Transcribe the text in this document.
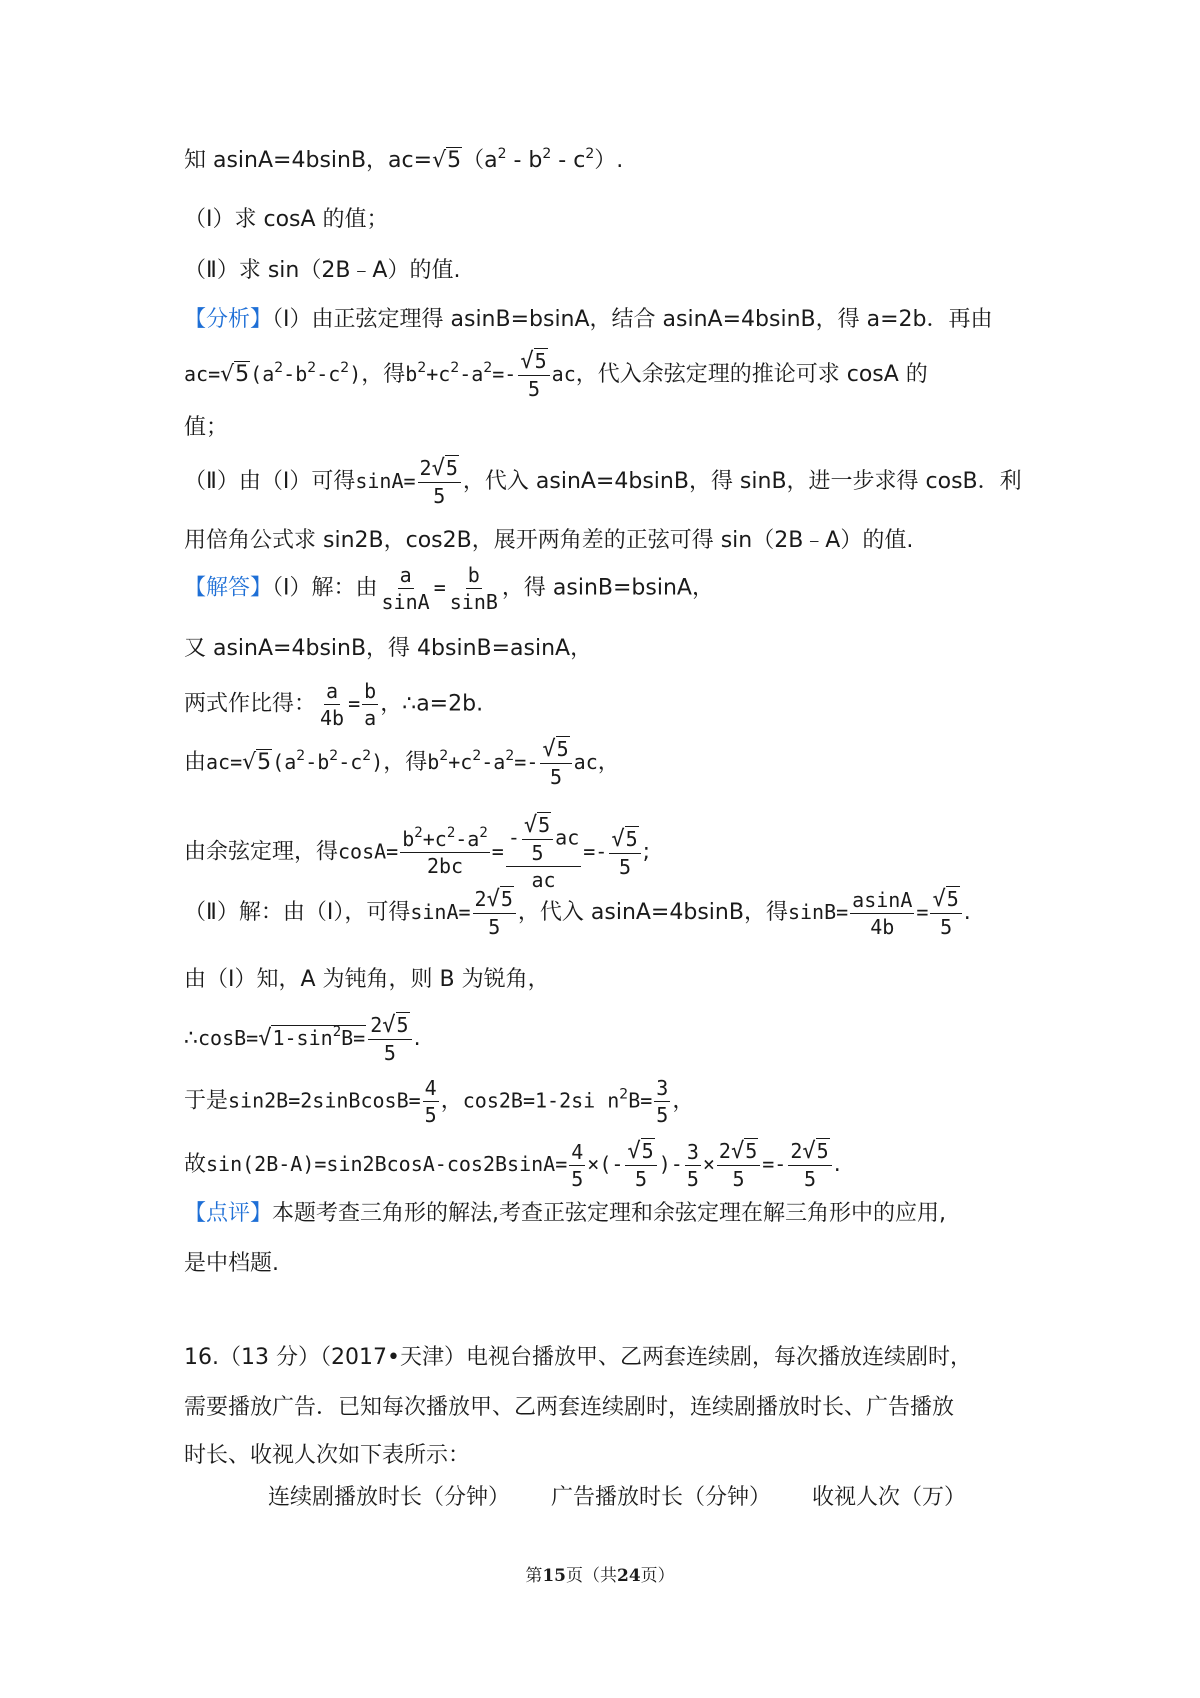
知 asinA=4bsinB，$ac=√5(a^2 - b^2 - c^2)$.
（Ⅰ）求 cosA 的值；
（Ⅱ）求 sin（2B﹣A）的值.
【分析】（Ⅰ）由正弦定理得 asinB=bsinA，结合 asinA=4bsinB，得 a=2b．再由
$ac=√5(a^2-b^2-c^2)$，得$b^2+c^2-a^2=- \frac{√5}{5}$ ac，代入余弦定理的推论可求 cosA 的
值；
（Ⅱ）由（Ⅰ）可得$\sin A= \frac{2√5}{5}$ ，代入 asinA=4bsinB，得 sinB，进一步求得 cosB．利
用倍角公式求 sin2B，cos2B，展开两角差的正弦可得 sin（2B﹣A）的值.
【解答】（Ⅰ）解：由 $\frac{a}{\sin A} = \frac{b}{\sin B}$ ，得 asinB=bsinA，
又 asinA=4bsinB，得 4bsinB=asinA，
两式作比得： $\frac{a}{4b} = \frac{b}{a}$ ，∴a=2b.
由$ac=√5(a^2-b^2-c^2)$，得$b^2+c^2-a^2=- \frac{√5}{5}$ ac，
由余弦定理，得$\cos A= \frac{b^2+c^2-a^2}{2bc} = \frac{- \frac{√5}{5} ac}{ac} =- \frac{√5}{5}$ ;
（Ⅱ）解：由（Ⅰ），可得$\sin A= \frac{2√5}{5}$ ，代入 asinA=4bsinB，得$\sin B= \frac{asinA}{4b} = \frac{√5}{5}$ .
由（Ⅰ）知，A 为钝角，则 B 为锐角，
$\therefore\cos B=√1-\sin^2B= \frac{2√5}{5}$ .
于是sin2B=2sinBcosB= $\frac{4}{5}$ ，cos2B=1-2si $n^2B= \frac{3}{5}$ ，
故$\sin(2B-A)=\sin 2BcosA-\cos 2BsinA= \frac{4}{5}$ ×(- $\frac{√5}{5}$ )- $\frac{3}{5} \times \frac{2√5}{5} =- \frac{2√5}{5}$ .
【点评】本题考查三角形的解法,考查正弦定理和余弦定理在解三角形中的应用,
是中档题.
16.（13 分）（2017•天津）电视台播放甲、乙两套连续剧，每次播放连续剧时，
需要播放广告．已知每次播放甲、乙两套连续剧时，连续剧播放时长、广告播放
时长、收视人次如下表所示：
连续剧播放时长（分钟） 广告播放时长（分钟） 收视人次（万）
第15页（共24页）
